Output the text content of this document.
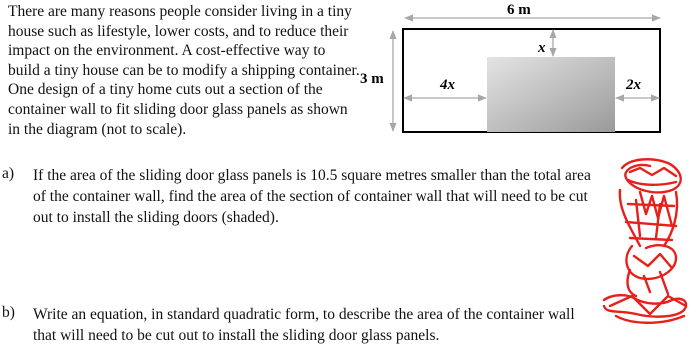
There are many reasons people consider living in a tiny house such as lifestyle, lower costs, and to reduce their impact on the environment. A cost-effective way to build a tiny house can be to modify a shipping container. One design of a tiny home cuts out a section of the container wall to fit sliding door glass panels as shown in the diagram (not to scale).
6 m
3 m	4x	2x
x
a) If the area of the sliding door glass panels is 10.5 square metres smaller than the total area of the container wall, find the area of the section of container wall that will need to be cut out to install the sliding doors (shaded).
b) Write an equation, in standard quadratic form, to describe the area of the container wall that will need to be cut out to install the sliding door glass panels.
